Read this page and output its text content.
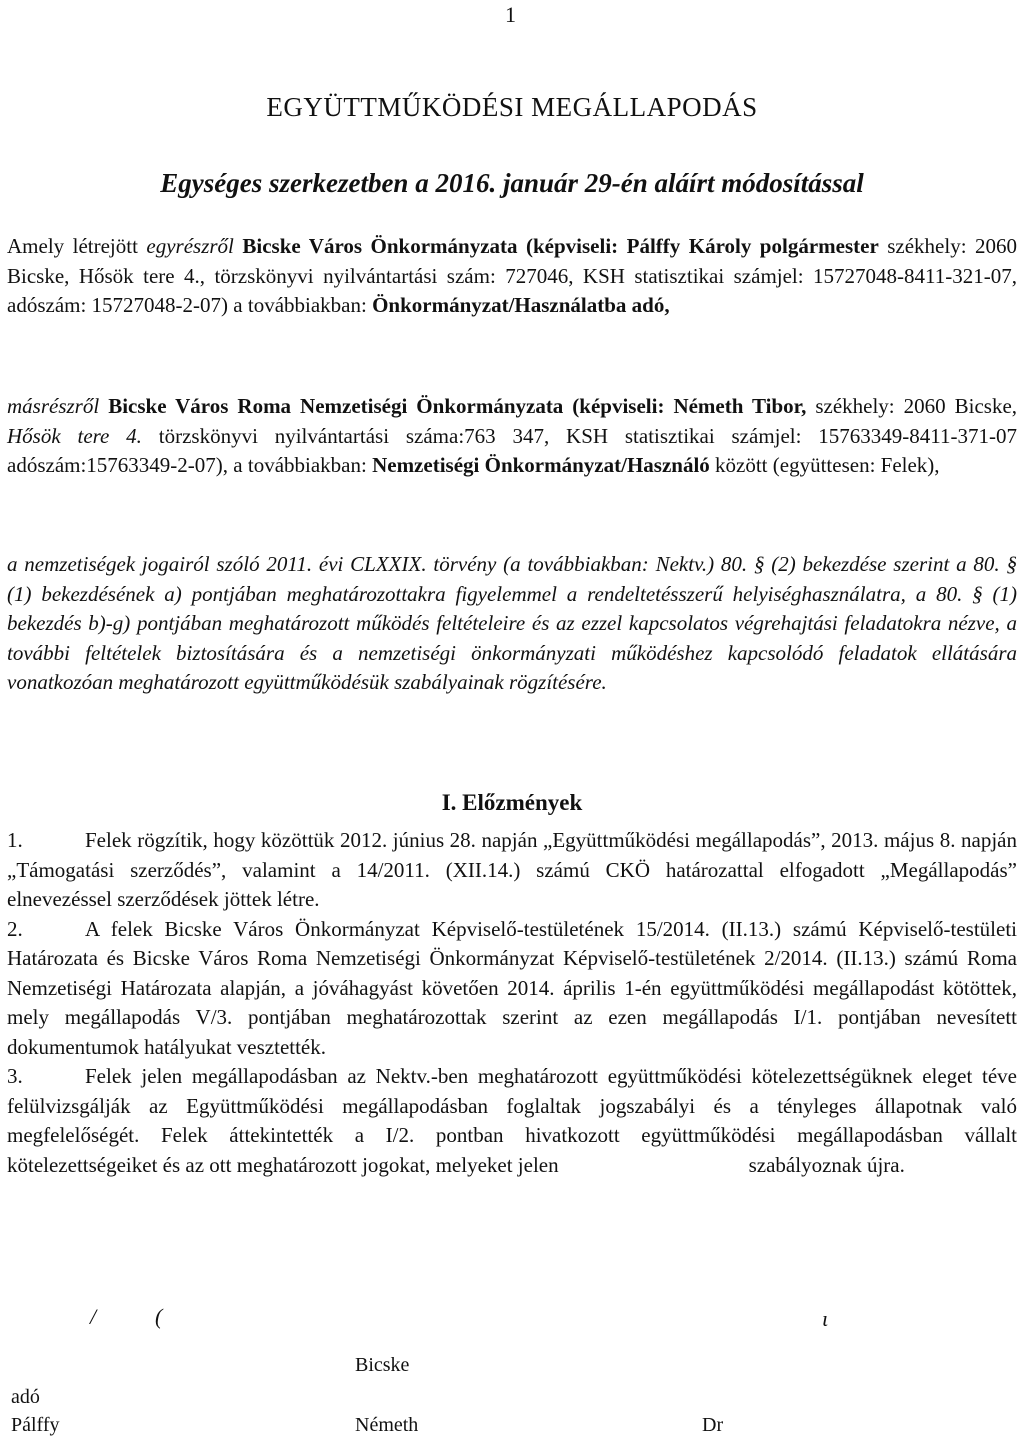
1
EGYÜTTMŰKÖDÉSI MEGÁLLAPODÁS
Egységes szerkezetben a 2016. január 29-én aláírt módosítással
Amely létrejött egyrészről Bicske Város Önkormányzata (képviseli: Pálffy Károly polgármester székhely: 2060 Bicske, Hősök tere 4., törzskönyvi nyilvántartási szám: 727046, KSH statisztikai számjel: 15727048-8411-321-07, adószám: 15727048-2-07) a továbbiakban: Önkormányzat/Használatba adó,
másrészről Bicske Város Roma Nemzetiségi Önkormányzata (képviseli: Németh Tibor, székhely: 2060 Bicske, Hősök tere 4. törzskönyvi nyilvántartási száma:763 347, KSH statisztikai számjel: 15763349-8411-371-07 adószám:15763349-2-07), a továbbiakban: Nemzetiségi Önkormányzat/Használó között (együttesen: Felek),
a nemzetiségek jogairól szóló 2011. évi CLXXIX. törvény (a továbbiakban: Nektv.) 80. § (2) bekezdése szerint a 80. § (1) bekezdésének a) pontjában meghatározottakra figyelemmel a rendeltetésszerű helyiséghasználatra, a 80. § (1) bekezdés b)-g) pontjában meghatározott működés feltételeire és az ezzel kapcsolatos végrehajtási feladatokra nézve, a további feltételek biztosítására és a nemzetiségi önkormányzati működéshez kapcsolódó feladatok ellátására vonatkozóan meghatározott együttműködésük szabályainak rögzítésére.
I. Előzmények

1.	Felek rögzítik, hogy közöttük 2012. június 28. napján „Együttműködési megállapodás”, 2013. május 8. napján „Támogatási szerződés”, valamint a 14/2011. (XII.14.) számú CKÖ határozattal elfogadott „Megállapodás” elnevezéssel szerződések jöttek létre.

2.	A felek Bicske Város Önkormányzat Képviselő-testületének 15/2014. (II.13.) számú Képviselő-testületi Határozata és Bicske Város Roma Nemzetiségi Önkormányzat Képviselő-testületének 2/2014. (II.13.) számú Roma Nemzetiségi Határozata alapján, a jóváhagyást követően 2014. április 1-én együttműködési megállapodást kötöttek, mely megállapodás V/3. pontjában meghatározottak szerint az ezen megállapodás I/1. pontjában nevesített dokumentumok hatályukat vesztették.

3.	Felek jelen megállapodásban az Nektv.-ben meghatározott együttműködési kötelezettségüknek eleget téve felülvizsgálják az Együttműködési megállapodásban foglaltak jogszabályi és a tényleges állapotnak való megfelelőségét. Felek áttekintették a I/2. pontban hivatkozott együttműködési megállapodásban vállalt kötelezettségeiket és az ott meghatározott jogokat, melyeket jelen	szabályoznak újra.

/	(	ι
Bicske
adó
Pálffy	Németh	Dr
